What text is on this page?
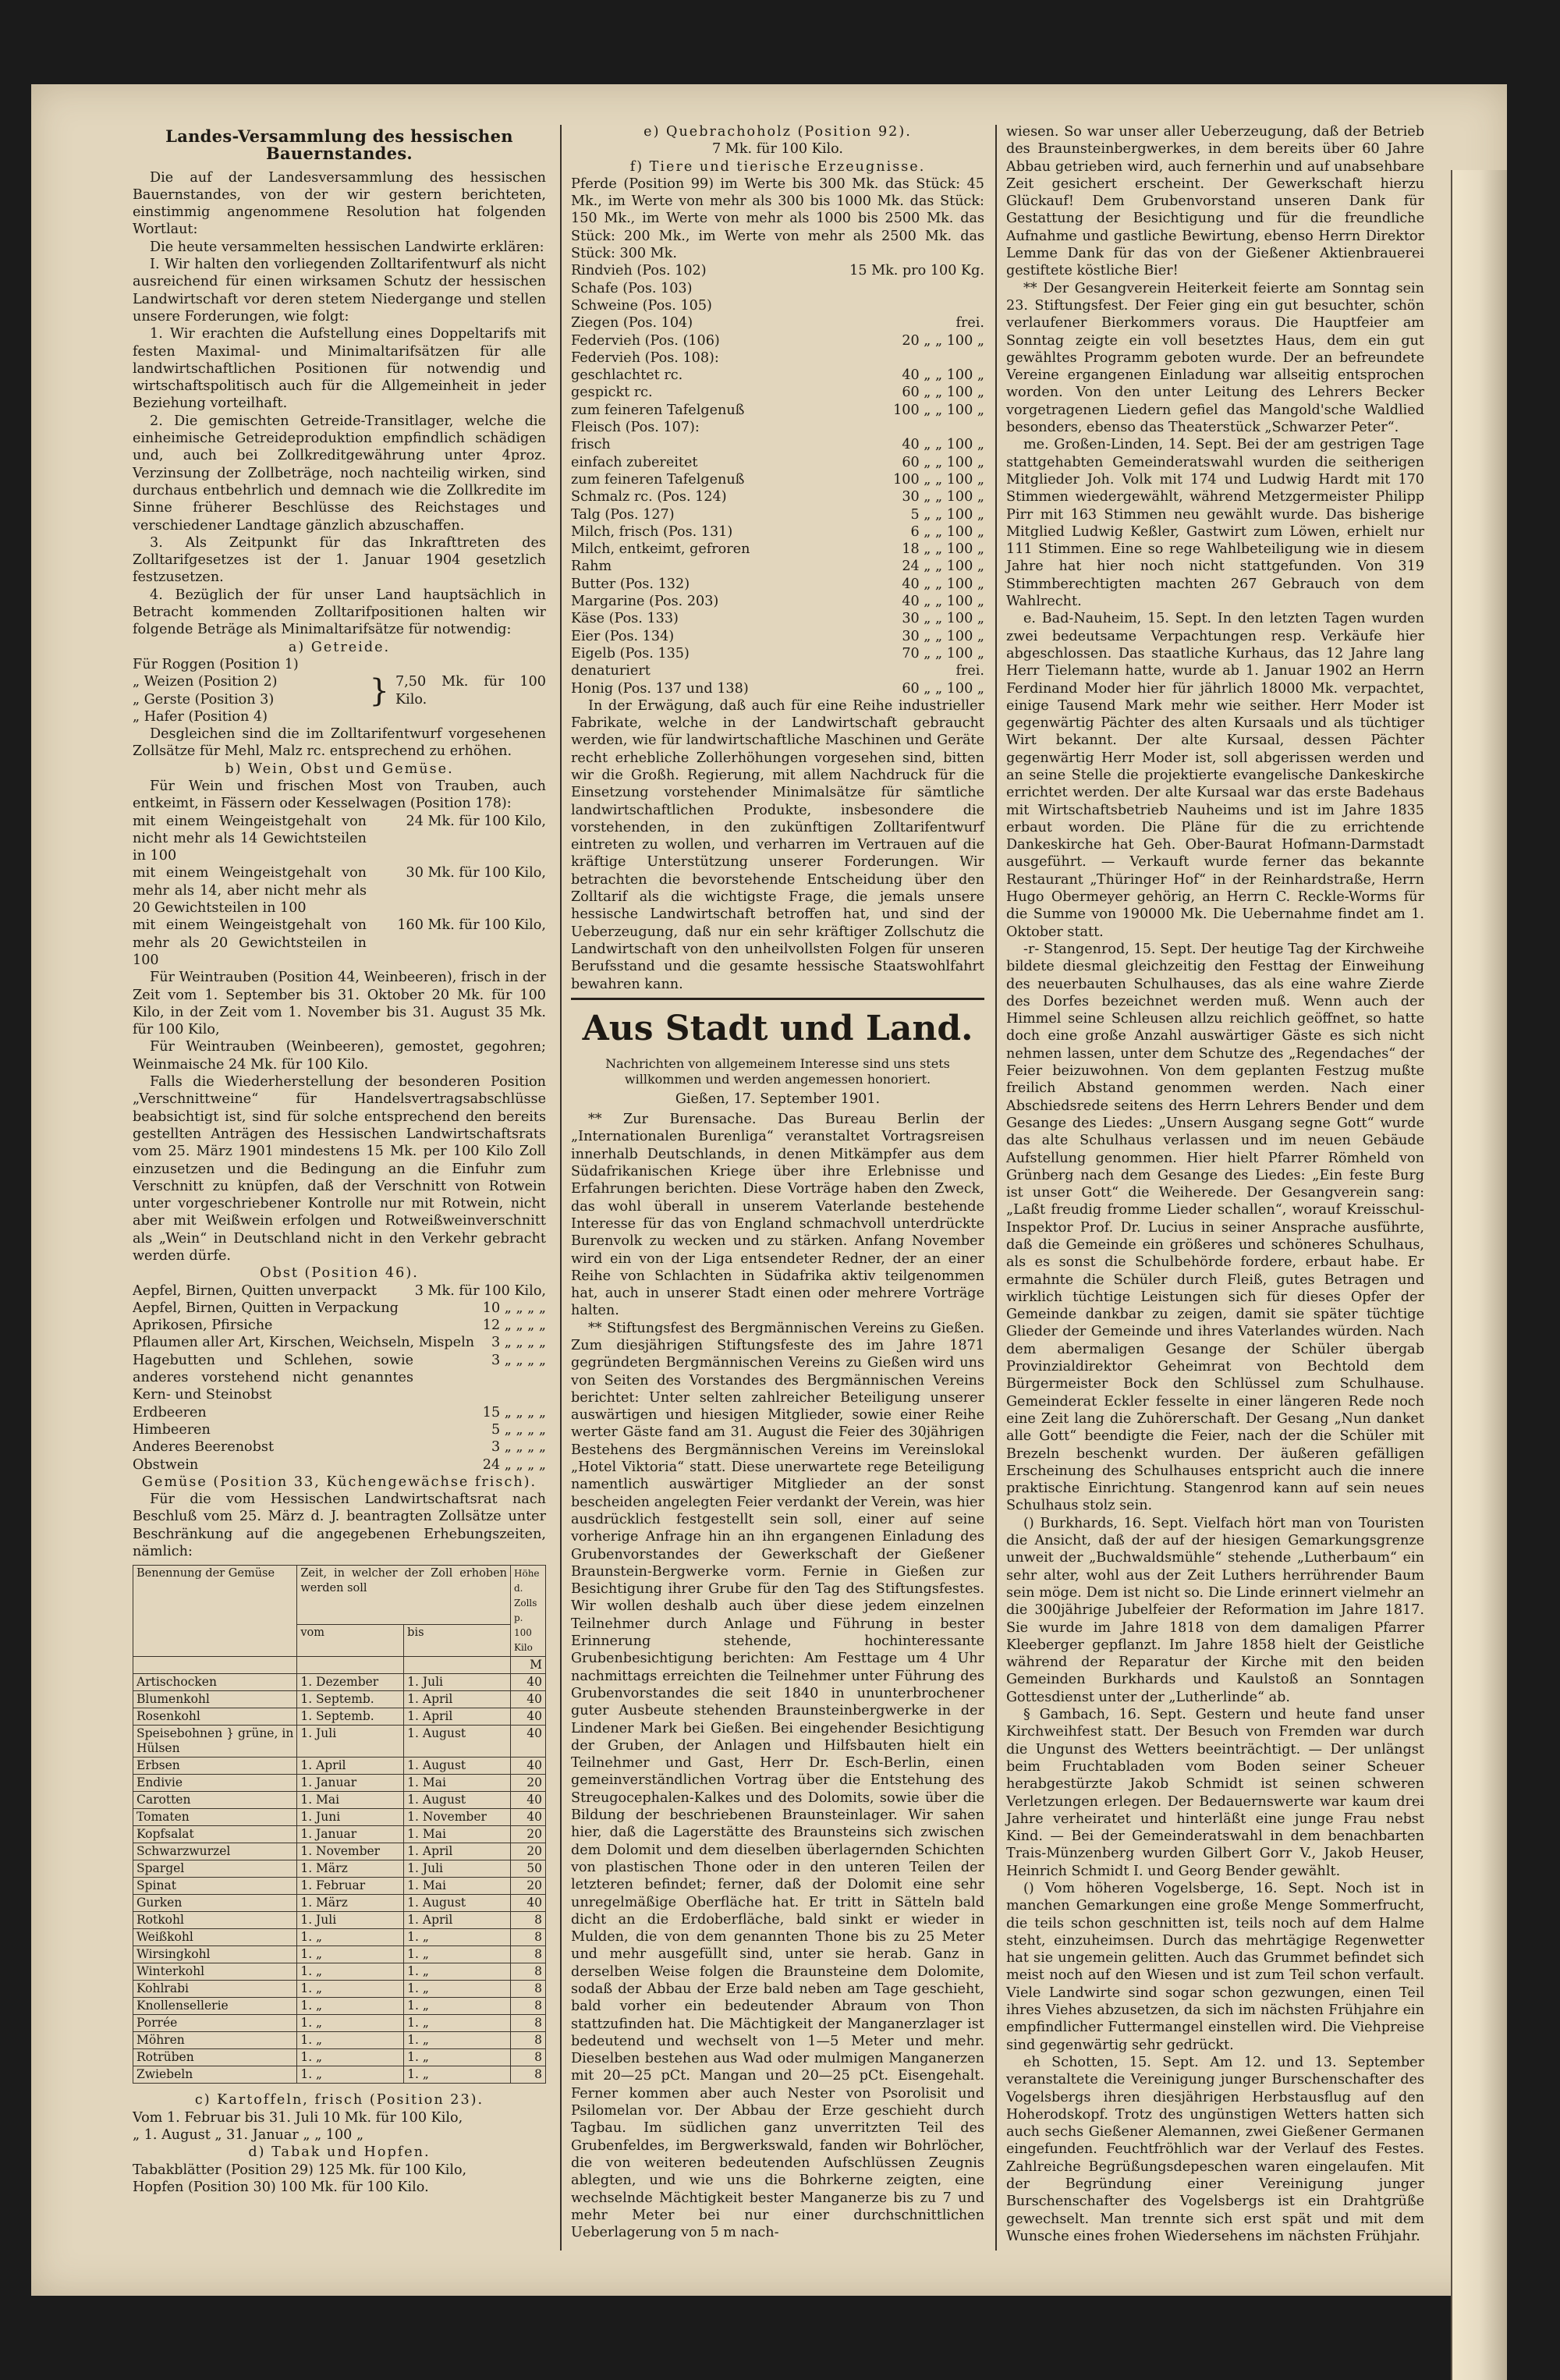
Landes-Versammlung des hessischen Bauernstandes.

Die auf der Landesversammlung des hessischen Bauernstandes, von der wir gestern berichteten, einstimmig angenommene Resolution hat folgenden Wortlaut:

Die heute versammelten hessischen Landwirte erklären:

I. Wir halten den vorliegenden Zolltarifentwurf als nicht ausreichend für einen wirksamen Schutz der hessischen Landwirtschaft vor deren stetem Niedergange und stellen unsere Forderungen, wie folgt:

1. Wir erachten die Aufstellung eines Doppeltarifs mit festen Maximal- und Minimaltarifsätzen für alle landwirtschaftlichen Positionen für notwendig und wirtschaftspolitisch auch für die Allgemeinheit in jeder Beziehung vorteilhaft.

2. Die gemischten Getreide-Transitlager, welche die einheimische Getreideproduktion empfindlich schädigen und, auch bei Zollkreditgewährung unter 4proz. Verzinsung der Zollbeträge, noch nachteilig wirken, sind durchaus entbehrlich und demnach wie die Zollkredite im Sinne früherer Beschlüsse des Reichstages und verschiedener Landtage gänzlich abzuschaffen.

3. Als Zeitpunkt für das Inkrafttreten des Zolltarifgesetzes ist der 1. Januar 1904 gesetzlich festzusetzen.

4. Bezüglich der für unser Land hauptsächlich in Betracht kommenden Zolltarifpositionen halten wir folgende Beträge als Minimaltarifsätze für notwendig:

a) Getreide.
Für Roggen (Position 1)
„ Weizen (Position 2)
„ Gerste (Position 3)
„ Hafer (Position 4)
} 7,50 Mk. für 100 Kilo.

Desgleichen sind die im Zolltarifentwurf vorgesehenen Zollsätze für Mehl, Malz rc. entsprechend zu erhöhen.

b) Wein, Obst und Gemüse.

Für Wein und frischen Most von Trauben, auch entkeimt, in Fässern oder Kesselwagen (Position 178):

mit einem Weingeistgehalt von nicht mehr als 14 Gewichtsteilen in 100
24 Mk. für 100 Kilo,
mit einem Weingeistgehalt von mehr als 14, aber nicht mehr als 20 Gewichtsteilen in 100
30 Mk. für 100 Kilo,
mit einem Weingeistgehalt von mehr als 20 Gewichtsteilen in 100
160 Mk. für 100 Kilo,

Für Weintrauben (Position 44, Weinbeeren), frisch in der Zeit vom 1. September bis 31. Oktober 20 Mk. für 100 Kilo, in der Zeit vom 1. November bis 31. August 35 Mk. für 100 Kilo,

Für Weintrauben (Weinbeeren), gemostet, gegohren; Weinmaische 24 Mk. für 100 Kilo.

Falls die Wiederherstellung der besonderen Position „Verschnittweine“ für Handelsvertragsabschlüsse beabsichtigt ist, sind für solche entsprechend den bereits gestellten Anträgen des Hessischen Landwirtschaftsrats vom 25. März 1901 mindestens 15 Mk. per 100 Kilo Zoll einzusetzen und die Bedingung an die Einfuhr zum Verschnitt zu knüpfen, daß der Verschnitt von Rotwein unter vorgeschriebener Kontrolle nur mit Rotwein, nicht aber mit Weißwein erfolgen und Rotweißweinverschnitt als „Wein“ in Deutschland nicht in den Verkehr gebracht werden dürfe.

Obst (Position 46).
Aepfel, Birnen, Quitten unverpackt	3 Mk. für 100 Kilo,
Aepfel, Birnen, Quitten in Verpackung	10 „ „ „ „
Aprikosen, Pfirsiche	12 „ „ „ „
Pflaumen aller Art, Kirschen, Weichseln, Mispeln 3 „ „ „ „
Hagebutten und Schlehen, sowie anderes vorstehend nicht genanntes Kern- und Steinobst
3 „ „ „ „
Erdbeeren	15 „ „ „ „
Himbeeren	5 „ „ „ „
Anderes Beerenobst	3 „ „ „ „
Obstwein	24 „ „ „ „
Gemüse (Position 33, Küchengewächse frisch).

Für die vom Hessischen Landwirtschaftsrat nach Beschluß vom 25. März d. J. beantragten Zollsätze unter Beschränkung auf die angegebenen Erhebungszeiten, nämlich:

Benennung der Gemüse	Zeit, in welcher der Zoll erhoben werden soll		Höhe d. Zolls p. 100 Kilo
	vom	bis	
			M
Artischocken	1. Dezember	1. Juli	40
Blumenkohl	1. Septemb.	1. April	40
Rosenkohl	1. Septemb.	1. April	40
Speisebohnen } grüne, in Hülsen	1. Juli	1. August	40
Erbsen	1. April	1. August	40
Endivie	1. Januar	1. Mai	20
Carotten	1. Mai	1. August	40
Tomaten	1. Juni	1. November	40
Kopfsalat	1. Januar	1. Mai	20
Schwarzwurzel	1. November	1. April	20
Spargel	1. März	1. Juli	50
Spinat	1. Februar	1. Mai	20
Gurken	1. März	1. August	40
Rotkohl	1. Juli	1. April	8
Weißkohl	1. „	1. „	8
Wirsingkohl	1. „	1. „	8
Winterkohl	1. „	1. „	8
Kohlrabi	1. „	1. „	8
Knollensellerie	1. „	1. „	8
Porrée	1. „	1. „	8
Möhren	1. „	1. „	8
Rotrüben	1. „	1. „	8
Zwiebeln	1. „	1. „	8
c) Kartoffeln, frisch (Position 23).
Vom 1. Februar bis 31. Juli 10 Mk. für 100 Kilo,
„ 1. August „ 31. Januar „ „ 100 „
d) Tabak und Hopfen.
Tabakblätter (Position 29) 125 Mk. für 100 Kilo,
Hopfen (Position 30) 100 Mk. für 100 Kilo.
e) Quebrachoholz (Position 92).
7 Mk. für 100 Kilo.
f) Tiere und tierische Erzeugnisse.

Pferde (Position 99) im Werte bis 300 Mk. das Stück: 45 Mk., im Werte von mehr als 300 bis 1000 Mk. das Stück: 150 Mk., im Werte von mehr als 1000 bis 2500 Mk. das Stück: 200 Mk., im Werte von mehr als 2500 Mk. das Stück: 300 Mk.

Rindvieh (Pos. 102)	15 Mk. pro 100 Kg.
Schafe (Pos. 103)
Schweine (Pos. 105)
Ziegen (Pos. 104)	frei.
Federvieh (Pos. (106)	20 „ „ 100 „
Federvieh (Pos. 108):
geschlachtet rc.	40 „ „ 100 „
gespickt rc.	60 „ „ 100 „
zum feineren Tafelgenuß	100 „ „ 100 „
Fleisch (Pos. 107):
frisch	40 „ „ 100 „
einfach zubereitet	60 „ „ 100 „
zum feineren Tafelgenuß	100 „ „ 100 „
Schmalz rc. (Pos. 124)	30 „ „ 100 „
Talg (Pos. 127)	5 „ „ 100 „
Milch, frisch (Pos. 131)	6 „ „ 100 „
Milch, entkeimt, gefroren	18 „ „ 100 „
Rahm	24 „ „ 100 „
Butter (Pos. 132)	40 „ „ 100 „
Margarine (Pos. 203)	40 „ „ 100 „
Käse (Pos. 133)	30 „ „ 100 „
Eier (Pos. 134)	30 „ „ 100 „
Eigelb (Pos. 135)	70 „ „ 100 „
denaturiert	frei.
Honig (Pos. 137 und 138)	60 „ „ 100 „

In der Erwägung, daß auch für eine Reihe industrieller Fabrikate, welche in der Landwirtschaft gebraucht werden, wie für landwirtschaftliche Maschinen und Geräte recht erhebliche Zollerhöhungen vorgesehen sind, bitten wir die Großh. Regierung, mit allem Nachdruck für die Einsetzung vorstehender Minimalsätze für sämtliche landwirtschaftlichen Produkte, insbesondere die vorstehenden, in den zukünftigen Zolltarifentwurf eintreten zu wollen, und verharren im Vertrauen auf die kräftige Unterstützung unserer Forderungen. Wir betrachten die bevorstehende Entscheidung über den Zolltarif als die wichtigste Frage, die jemals unsere hessische Landwirtschaft betroffen hat, und sind der Ueberzeugung, daß nur ein sehr kräftiger Zollschutz die Landwirtschaft von den unheilvollsten Folgen für unseren Berufsstand und die gesamte hessische Staatswohlfahrt bewahren kann.

Aus Stadt und Land.
Nachrichten von allgemeinem Interesse sind uns stets willkommen und werden angemessen honoriert.
Gießen, 17. September 1901.

** Zur Burensache. Das Bureau Berlin der „Internationalen Burenliga“ veranstaltet Vortragsreisen innerhalb Deutschlands, in denen Mitkämpfer aus dem Südafrikanischen Kriege über ihre Erlebnisse und Erfahrungen berichten. Diese Vorträge haben den Zweck, das wohl überall in unserem Vaterlande bestehende Interesse für das von England schmachvoll unterdrückte Burenvolk zu wecken und zu stärken. Anfang November wird ein von der Liga entsendeter Redner, der an einer Reihe von Schlachten in Südafrika aktiv teilgenommen hat, auch in unserer Stadt einen oder mehrere Vorträge halten.

** Stiftungsfest des Bergmännischen Vereins zu Gießen. Zum diesjährigen Stiftungsfeste des im Jahre 1871 gegründeten Bergmännischen Vereins zu Gießen wird uns von Seiten des Vorstandes des Bergmännischen Vereins berichtet: Unter selten zahlreicher Beteiligung unserer auswärtigen und hiesigen Mitglieder, sowie einer Reihe werter Gäste fand am 31. August die Feier des 30jährigen Bestehens des Bergmännischen Vereins im Vereinslokal „Hotel Viktoria“ statt. Diese unerwartete rege Beteiligung namentlich auswärtiger Mitglieder an der sonst bescheiden angelegten Feier verdankt der Verein, was hier ausdrücklich festgestellt sein soll, einer auf seine vorherige Anfrage hin an ihn ergangenen Einladung des Grubenvorstandes der Gewerkschaft der Gießener Braunstein-Bergwerke vorm. Fernie in Gießen zur Besichtigung ihrer Grube für den Tag des Stiftungsfestes. Wir wollen deshalb auch über diese jedem einzelnen Teilnehmer durch Anlage und Führung in bester Erinnerung stehende, hochinteressante Grubenbesichtigung berichten: Am Festtage um 4 Uhr nachmittags erreichten die Teilnehmer unter Führung des Grubenvorstandes die seit 1840 in ununterbrochener guter Ausbeute stehenden Braunsteinbergwerke in der Lindener Mark bei Gießen. Bei eingehender Besichtigung der Gruben, der Anlagen und Hilfsbauten hielt ein Teilnehmer und Gast, Herr Dr. Esch-Berlin, einen gemeinverständlichen Vortrag über die Entstehung des Streugocephalen-Kalkes und des Dolomits, sowie über die Bildung der beschriebenen Braunsteinlager. Wir sahen hier, daß die Lagerstätte des Braunsteins sich zwischen dem Dolomit und dem dieselben überlagernden Schichten von plastischen Thone oder in den unteren Teilen der letzteren befindet; ferner, daß der Dolomit eine sehr unregelmäßige Oberfläche hat. Er tritt in Sätteln bald dicht an die Erdoberfläche, bald sinkt er wieder in Mulden, die von dem genannten Thone bis zu 25 Meter und mehr ausgefüllt sind, unter sie herab. Ganz in derselben Weise folgen die Braunsteine dem Dolomite, sodaß der Abbau der Erze bald neben am Tage geschieht, bald vorher ein bedeutender Abraum von Thon stattzufinden hat. Die Mächtigkeit der Manganerzlager ist bedeutend und wechselt von 1—5 Meter und mehr. Dieselben bestehen aus Wad oder mulmigen Manganerzen mit 20—25 pCt. Mangan und 20—25 pCt. Eisengehalt. Ferner kommen aber auch Nester von Psorolisit und Psilomelan vor. Der Abbau der Erze geschieht durch Tagbau. Im südlichen ganz unverritzten Teil des Grubenfeldes, im Bergwerkswald, fanden wir Bohrlöcher, die von weiteren bedeutenden Aufschlüssen Zeugnis ablegten, und wie uns die Bohrkerne zeigten, eine wechselnde Mächtigkeit bester Manganerze bis zu 7 und mehr Meter bei nur einer durchschnittlichen Ueberlagerung von 5 m nach-

wiesen. So war unser aller Ueberzeugung, daß der Betrieb des Braunsteinbergwerkes, in dem bereits über 60 Jahre Abbau getrieben wird, auch fernerhin und auf unabsehbare Zeit gesichert erscheint. Der Gewerkschaft hierzu Glückauf! Dem Grubenvorstand unseren Dank für Gestattung der Besichtigung und für die freundliche Aufnahme und gastliche Bewirtung, ebenso Herrn Direktor Lemme Dank für das von der Gießener Aktienbrauerei gestiftete köstliche Bier!

** Der Gesangverein Heiterkeit feierte am Sonntag sein 23. Stiftungsfest. Der Feier ging ein gut besuchter, schön verlaufener Bierkommers voraus. Die Hauptfeier am Sonntag zeigte ein voll besetztes Haus, dem ein gut gewähltes Programm geboten wurde. Der an befreundete Vereine ergangenen Einladung war allseitig entsprochen worden. Von den unter Leitung des Lehrers Becker vorgetragenen Liedern gefiel das Mangold'sche Waldlied besonders, ebenso das Theaterstück „Schwarzer Peter“.

me. Großen-Linden, 14. Sept. Bei der am gestrigen Tage stattgehabten Gemeinderatswahl wurden die seitherigen Mitglieder Joh. Volk mit 174 und Ludwig Hardt mit 170 Stimmen wiedergewählt, während Metzgermeister Philipp Pirr mit 163 Stimmen neu gewählt wurde. Das bisherige Mitglied Ludwig Keßler, Gastwirt zum Löwen, erhielt nur 111 Stimmen. Eine so rege Wahlbeteiligung wie in diesem Jahre hat hier noch nicht stattgefunden. Von 319 Stimmberechtigten machten 267 Gebrauch von dem Wahlrecht.

e. Bad-Nauheim, 15. Sept. In den letzten Tagen wurden zwei bedeutsame Verpachtungen resp. Verkäufe hier abgeschlossen. Das staatliche Kurhaus, das 12 Jahre lang Herr Tielemann hatte, wurde ab 1. Januar 1902 an Herrn Ferdinand Moder hier für jährlich 18000 Mk. verpachtet, einige Tausend Mark mehr wie seither. Herr Moder ist gegenwärtig Pächter des alten Kursaals und als tüchtiger Wirt bekannt. Der alte Kursaal, dessen Pächter gegenwärtig Herr Moder ist, soll abgerissen werden und an seine Stelle die projektierte evangelische Dankeskirche errichtet werden. Der alte Kursaal war das erste Badehaus mit Wirtschaftsbetrieb Nauheims und ist im Jahre 1835 erbaut worden. Die Pläne für die zu errichtende Dankeskirche hat Geh. Ober-Baurat Hofmann-Darmstadt ausgeführt. — Verkauft wurde ferner das bekannte Restaurant „Thüringer Hof“ in der Reinhardstraße, Herrn Hugo Obermeyer gehörig, an Herrn C. Reckle-Worms für die Summe von 190000 Mk. Die Uebernahme findet am 1. Oktober statt.

-r- Stangenrod, 15. Sept. Der heutige Tag der Kirchweihe bildete diesmal gleichzeitig den Festtag der Einweihung des neuerbauten Schulhauses, das als eine wahre Zierde des Dorfes bezeichnet werden muß. Wenn auch der Himmel seine Schleusen allzu reichlich geöffnet, so hatte doch eine große Anzahl auswärtiger Gäste es sich nicht nehmen lassen, unter dem Schutze des „Regendaches“ der Feier beizuwohnen. Von dem geplanten Festzug mußte freilich Abstand genommen werden. Nach einer Abschiedsrede seitens des Herrn Lehrers Bender und dem Gesange des Liedes: „Unsern Ausgang segne Gott“ wurde das alte Schulhaus verlassen und im neuen Gebäude Aufstellung genommen. Hier hielt Pfarrer Römheld von Grünberg nach dem Gesange des Liedes: „Ein feste Burg ist unser Gott“ die Weiherede. Der Gesangverein sang: „Laßt freudig fromme Lieder schallen“, worauf Kreisschul-Inspektor Prof. Dr. Lucius in seiner Ansprache ausführte, daß die Gemeinde ein größeres und schöneres Schulhaus, als es sonst die Schulbehörde fordere, erbaut habe. Er ermahnte die Schüler durch Fleiß, gutes Betragen und wirklich tüchtige Leistungen sich für dieses Opfer der Gemeinde dankbar zu zeigen, damit sie später tüchtige Glieder der Gemeinde und ihres Vaterlandes würden. Nach dem abermaligen Gesange der Schüler übergab Provinzialdirektor Geheimrat von Bechtold dem Bürgermeister Bock den Schlüssel zum Schulhause. Gemeinderat Eckler fesselte in einer längeren Rede noch eine Zeit lang die Zuhörerschaft. Der Gesang „Nun danket alle Gott“ beendigte die Feier, nach der die Schüler mit Brezeln beschenkt wurden. Der äußeren gefälligen Erscheinung des Schulhauses entspricht auch die innere praktische Einrichtung. Stangenrod kann auf sein neues Schulhaus stolz sein.

() Burkhards, 16. Sept. Vielfach hört man von Touristen die Ansicht, daß der auf der hiesigen Gemarkungsgrenze unweit der „Buchwaldsmühle“ stehende „Lutherbaum“ ein sehr alter, wohl aus der Zeit Luthers herrührender Baum sein möge. Dem ist nicht so. Die Linde erinnert vielmehr an die 300jährige Jubelfeier der Reformation im Jahre 1817. Sie wurde im Jahre 1818 von dem damaligen Pfarrer Kleeberger gepflanzt. Im Jahre 1858 hielt der Geistliche während der Reparatur der Kirche mit den beiden Gemeinden Burkhards und Kaulstoß an Sonntagen Gottesdienst unter der „Lutherlinde“ ab.

§ Gambach, 16. Sept. Gestern und heute fand unser Kirchweihfest statt. Der Besuch von Fremden war durch die Ungunst des Wetters beeinträchtigt. — Der unlängst beim Fruchtabladen vom Boden seiner Scheuer herabgestürzte Jakob Schmidt ist seinen schweren Verletzungen erlegen. Der Bedauernswerte war kaum drei Jahre verheiratet und hinterläßt eine junge Frau nebst Kind. — Bei der Gemeinderatswahl in dem benachbarten Trais-Münzenberg wurden Gilbert Gorr V., Jakob Heuser, Heinrich Schmidt I. und Georg Bender gewählt.

() Vom höheren Vogelsberge, 16. Sept. Noch ist in manchen Gemarkungen eine große Menge Sommerfrucht, die teils schon geschnitten ist, teils noch auf dem Halme steht, einzuheimsen. Durch das mehrtägige Regenwetter hat sie ungemein gelitten. Auch das Grummet befindet sich meist noch auf den Wiesen und ist zum Teil schon verfault. Viele Landwirte sind sogar schon gezwungen, einen Teil ihres Viehes abzusetzen, da sich im nächsten Frühjahre ein empfindlicher Futtermangel einstellen wird. Die Viehpreise sind gegenwärtig sehr gedrückt.

eh Schotten, 15. Sept. Am 12. und 13. September veranstaltete die Vereinigung junger Burschenschafter des Vogelsbergs ihren diesjährigen Herbstausflug auf den Hoherodskopf. Trotz des ungünstigen Wetters hatten sich auch sechs Gießener Alemannen, zwei Gießener Germanen eingefunden. Feuchtfröhlich war der Verlauf des Festes. Zahlreiche Begrüßungsdepeschen waren eingelaufen. Mit der Begründung einer Vereinigung junger Burschenschafter des Vogelsbergs ist ein Drahtgrüße gewechselt. Man trennte sich erst spät und mit dem Wunsche eines frohen Wiedersehens im nächsten Frühjahr.
